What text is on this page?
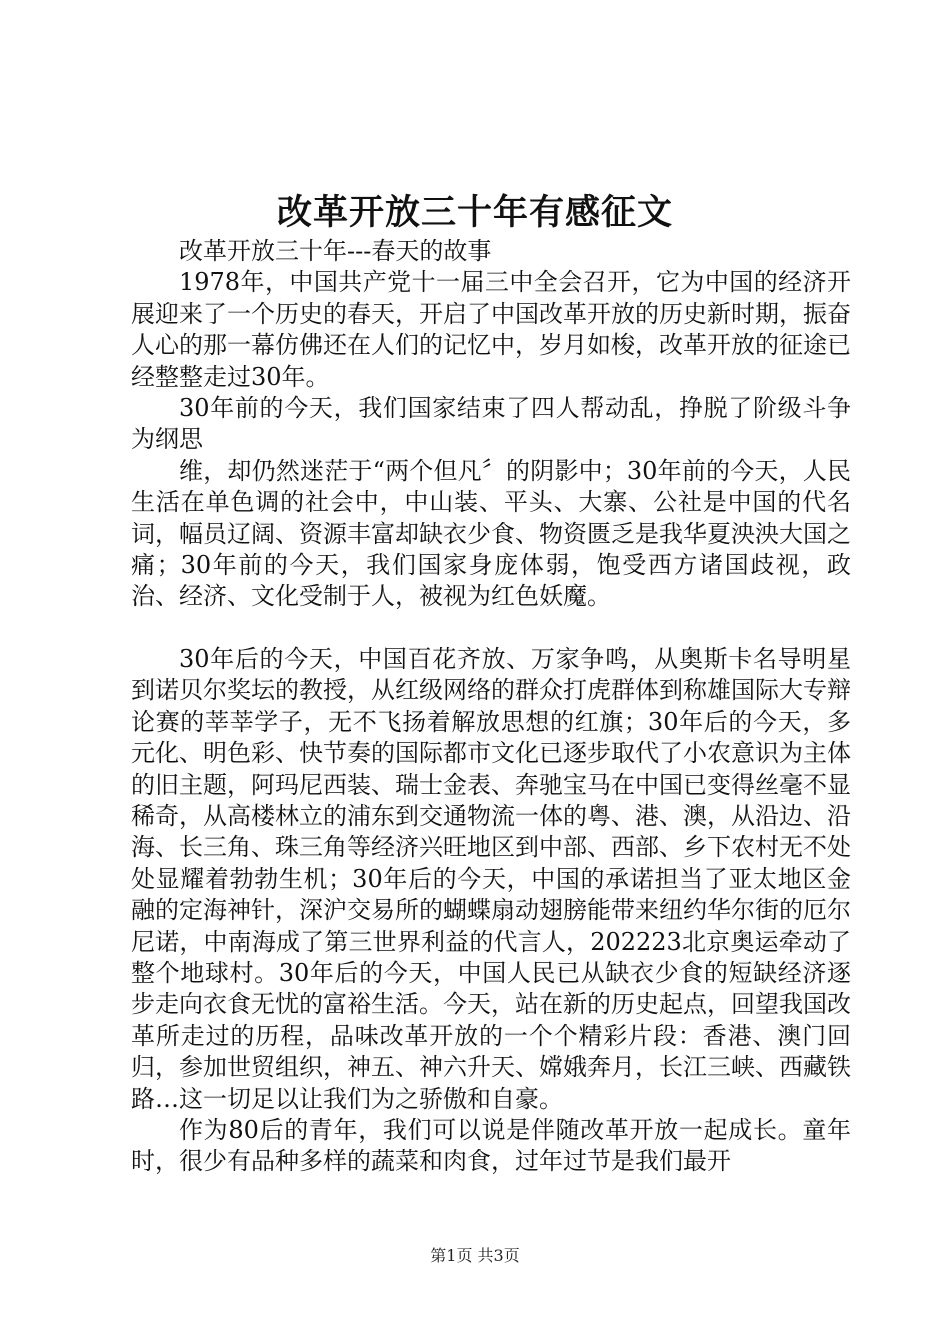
改革开放三十年有感征文

改革开放三十年---春天的故事

1978年，中国共产党十一届三中全会召开，它为中国的经济开展迎来了一个历史的春天，开启了中国改革开放的历史新时期，振奋人心的那一幕仿佛还在人们的记忆中，岁月如梭，改革开放的征途已经整整走过30年。

30年前的今天，我们国家结束了四人帮动乱，挣脱了阶级斗争为纲思

维，却仍然迷茫于“两个但凡〞的阴影中；30年前的今天，人民生活在单色调的社会中，中山装、平头、大寨、公社是中国的代名词，幅员辽阔、资源丰富却缺衣少食、物资匮乏是我华夏泱泱大国之痛；30年前的今天，我们国家身庞体弱，饱受西方诸国歧视，政治、经济、文化受制于人，被视为红色妖魔。

30年后的今天，中国百花齐放、万家争鸣，从奥斯卡名导明星到诺贝尔奖坛的教授，从红级网络的群众打虎群体到称雄国际大专辩论赛的莘莘学子，无不飞扬着解放思想的红旗；30年后的今天，多元化、明色彩、快节奏的国际都市文化已逐步取代了小农意识为主体的旧主题，阿玛尼西装、瑞士金表、奔驰宝马在中国已变得丝毫不显稀奇，从高楼林立的浦东到交通物流一体的粤、港、澳，从沿边、沿海、长三角、珠三角等经济兴旺地区到中部、西部、乡下农村无不处处显耀着勃勃生机；30年后的今天，中国的承诺担当了亚太地区金融的定海神针，深沪交易所的蝴蝶扇动翅膀能带来纽约华尔街的厄尔尼诺，中南海成了第三世界利益的代言人，202223北京奥运牵动了整个地球村。30年后的今天，中国人民已从缺衣少食的短缺经济逐步走向衣食无忧的富裕生活。今天，站在新的历史起点，回望我国改革所走过的历程，品味改革开放的一个个精彩片段：香港、澳门回归，参加世贸组织，神五、神六升天、嫦娥奔月，长江三峡、西藏铁路…这一切足以让我们为之骄傲和自豪。

作为80后的青年，我们可以说是伴随改革开放一起成长。童年时，很少有品种多样的蔬菜和肉食，过年过节是我们最开

第1页 共3页
